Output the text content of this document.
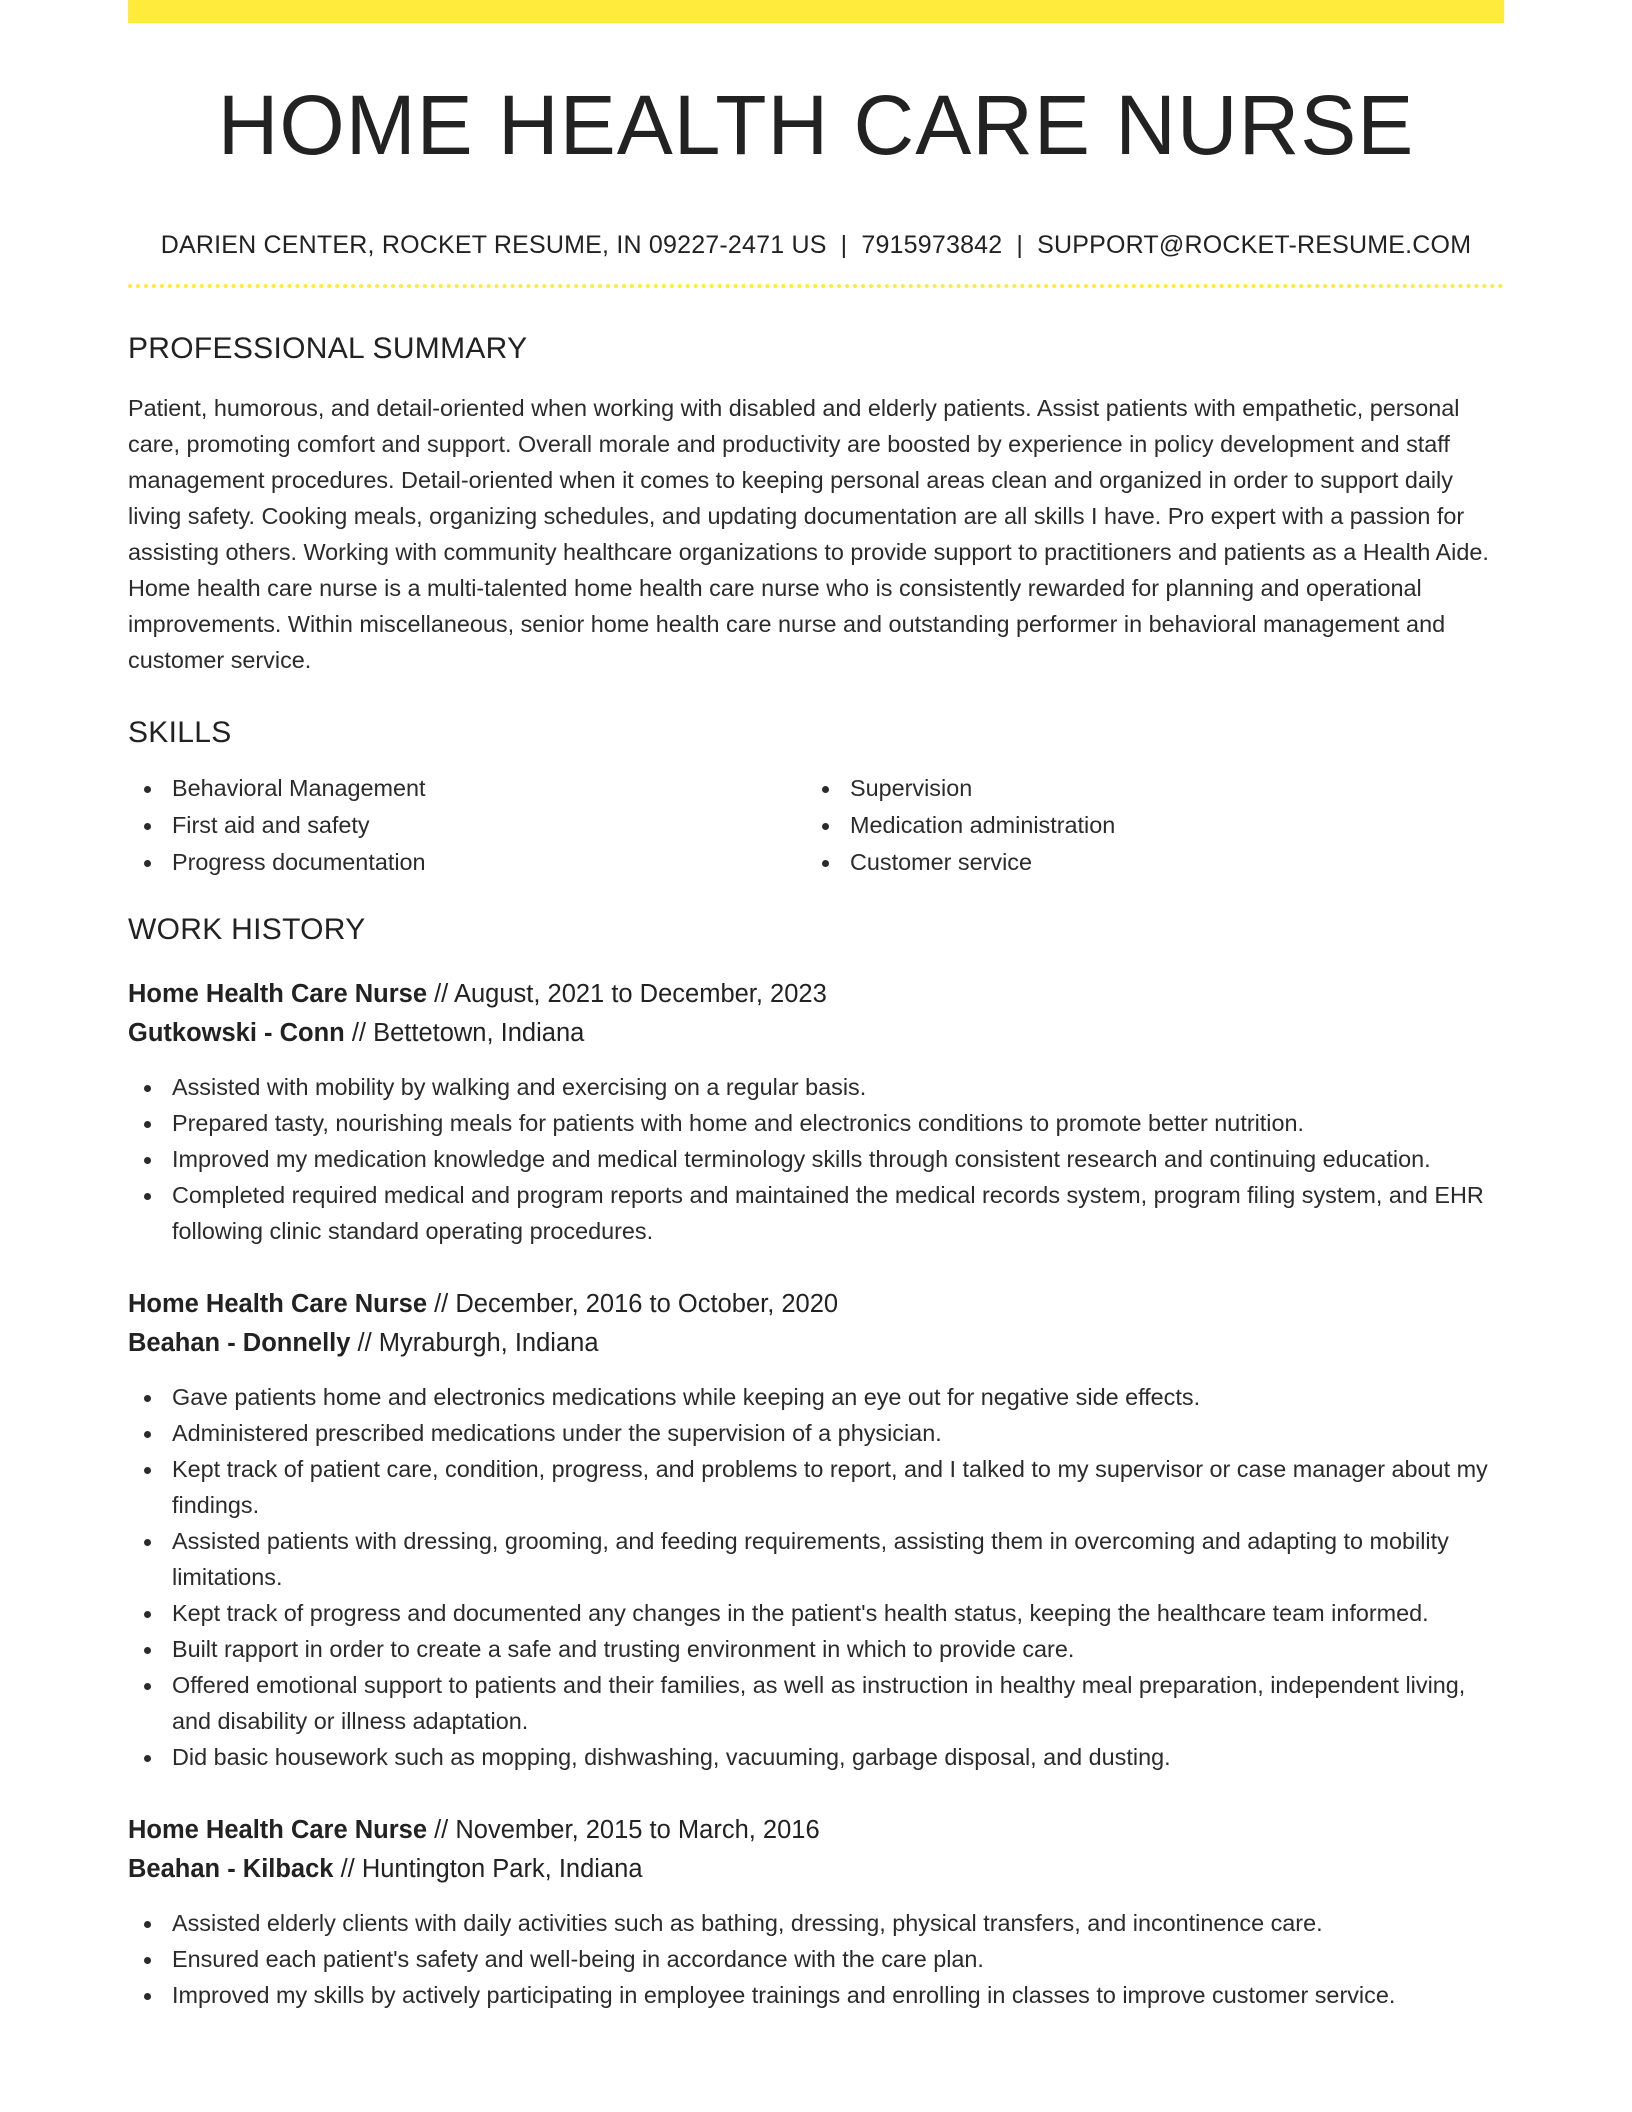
HOME HEALTH CARE NURSE
DARIEN CENTER, ROCKET RESUME, IN 09227-2471 US | 7915973842 | SUPPORT@ROCKET-RESUME.COM
PROFESSIONAL SUMMARY

Patient, humorous, and detail-oriented when working with disabled and elderly patients. Assist patients with empathetic, personal care, promoting comfort and support. Overall morale and productivity are boosted by experience in policy development and staff management procedures. Detail-oriented when it comes to keeping personal areas clean and organized in order to support daily living safety. Cooking meals, organizing schedules, and updating documentation are all skills I have. Pro expert with a passion for assisting others. Working with community healthcare organizations to provide support to practitioners and patients as a Health Aide. Home health care nurse is a multi-talented home health care nurse who is consistently rewarded for planning and operational improvements. Within miscellaneous, senior home health care nurse and outstanding performer in behavioral management and customer service.

SKILLS
Behavioral Management	Supervision
First aid and safety	Medication administration
Progress documentation	Customer service
WORK HISTORY
Home Health Care Nurse // August, 2021 to December, 2023
Gutkowski - Conn // Bettetown, Indiana
Assisted with mobility by walking and exercising on a regular basis.
Prepared tasty, nourishing meals for patients with home and electronics conditions to promote better nutrition.
Improved my medication knowledge and medical terminology skills through consistent research and continuing education.
Completed required medical and program reports and maintained the medical records system, program filing system, and EHR following clinic standard operating procedures.
Home Health Care Nurse // December, 2016 to October, 2020
Beahan - Donnelly // Myraburgh, Indiana
Gave patients home and electronics medications while keeping an eye out for negative side effects.
Administered prescribed medications under the supervision of a physician.
Kept track of patient care, condition, progress, and problems to report, and I talked to my supervisor or case manager about my findings.
Assisted patients with dressing, grooming, and feeding requirements, assisting them in overcoming and adapting to mobility limitations.
Kept track of progress and documented any changes in the patient's health status, keeping the healthcare team informed.
Built rapport in order to create a safe and trusting environment in which to provide care.
Offered emotional support to patients and their families, as well as instruction in healthy meal preparation, independent living, and disability or illness adaptation.
Did basic housework such as mopping, dishwashing, vacuuming, garbage disposal, and dusting.
Home Health Care Nurse // November, 2015 to March, 2016
Beahan - Kilback // Huntington Park, Indiana
Assisted elderly clients with daily activities such as bathing, dressing, physical transfers, and incontinence care.
Ensured each patient's safety and well-being in accordance with the care plan.
Improved my skills by actively participating in employee trainings and enrolling in classes to improve customer service.
